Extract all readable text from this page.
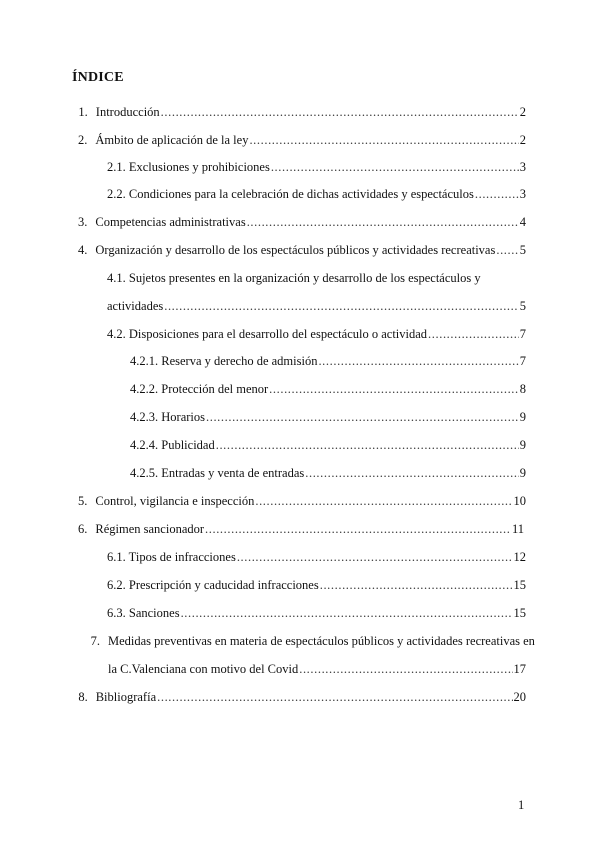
ÍNDICE
1. Introducción .....	2
2. Ámbito de aplicación de la ley .....	2
2.1. Exclusiones y prohibiciones .....	3
2.2. Condiciones para la celebración de dichas actividades y espectáculos .....	3
3. Competencias administrativas .....	4
4. Organización y desarrollo de los espectáculos públicos y actividades recreativas ..... 5
4.1. Sujetos presentes en la organización y desarrollo de los espectáculos y
actividades .....	5
4.2. Disposiciones para el desarrollo del espectáculo o actividad .....	7
4.2.1. Reserva y derecho de admisión .....	7
4.2.2. Protección del menor .....	8
4.2.3. Horarios .....	9
4.2.4. Publicidad .....	9
4.2.5. Entradas y venta de entradas .....	9
5. Control, vigilancia e inspección .....	10
6. Régimen sancionador .....	11
6.1. Tipos de infracciones .....	12
6.2. Prescripción y caducidad infracciones .....	15
6.3. Sanciones .....	15
7. Medidas preventivas en materia de espectáculos públicos y actividades recreativas en
la C.Valenciana con motivo del Covid .....	17
8. Bibliografía .....	20
1
